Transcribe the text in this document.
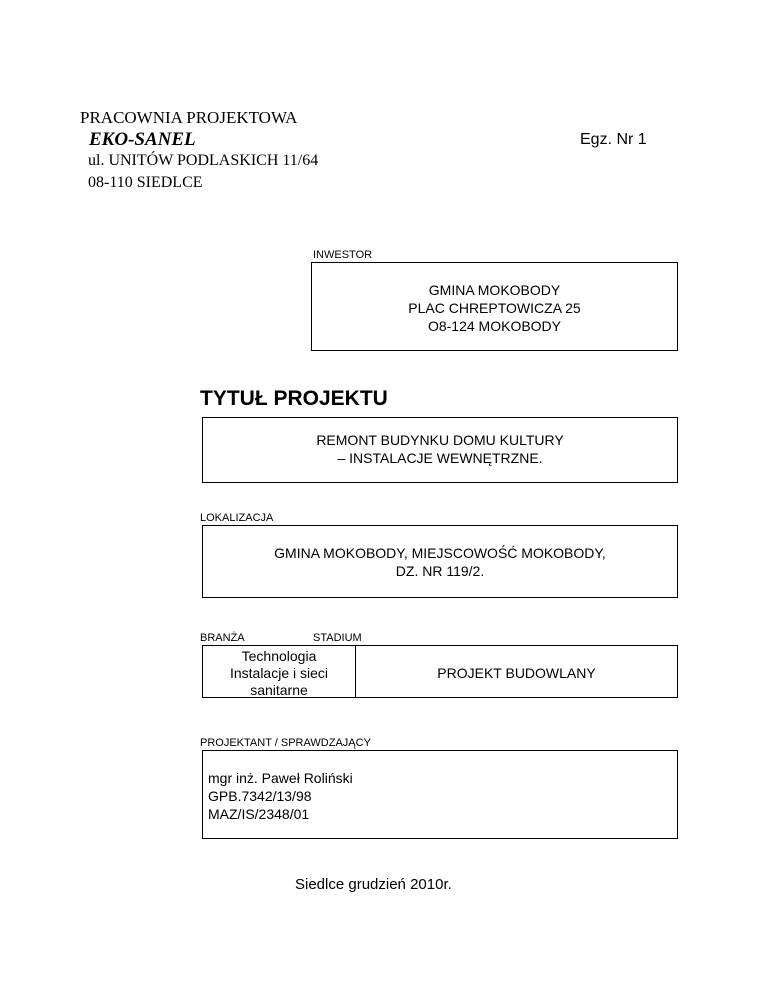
PRACOWNIA PROJEKTOWA
EKO-SANEL	Egz. Nr 1
ul. UNITÓW PODLASKICH 11/64
08-110 SIEDLCE
INWESTOR
GMINA MOKOBODY
PLAC CHREPTOWICZA 25
O8-124 MOKOBODY
TYTUŁ PROJEKTU
REMONT BUDYNKU DOMU KULTURY
– INSTALACJE WEWNĘTRZNE.
LOKALIZACJA
GMINA MOKOBODY, MIEJSCOWOŚĆ MOKOBODY,
DZ. NR 119/2.
BRANŻA	STADIUM
Technologia
Instalacje i sieci
sanitarne
PROJEKT BUDOWLANY
PROJEKTANT / SPRAWDZAJĄCY
mgr inż. Paweł Roliński
GPB.7342/13/98
MAZ/IS/2348/01
Siedlce grudzień 2010r.
